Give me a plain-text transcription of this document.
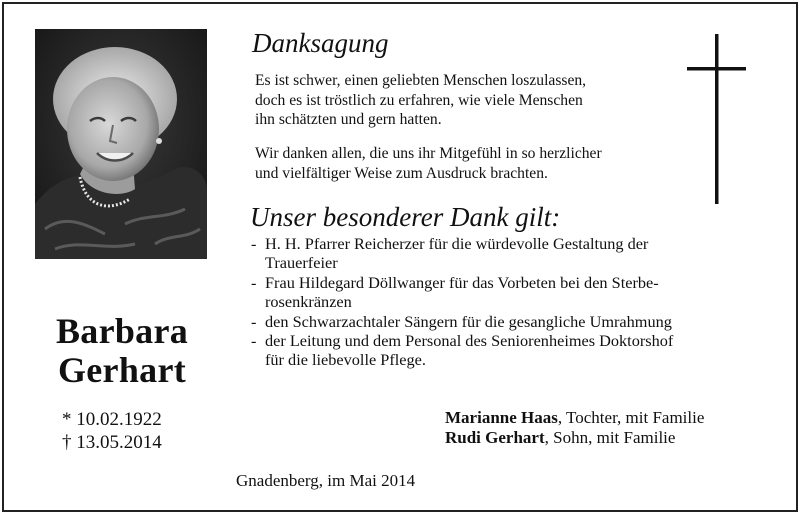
Barbara
Gerhart
* 10.02.1922
† 13.05.2014
Danksagung
Es ist schwer, einen geliebten Menschen loszulassen,
doch es ist tröstlich zu erfahren, wie viele Menschen
ihn schätzten und gern hatten.
Wir danken allen, die uns ihr Mitgefühl in so herzlicher
und vielfältiger Weise zum Ausdruck brachten.
Unser besonderer Dank gilt:
- H. H. Pfarrer Reicherzer für die würdevolle Gestaltung der
Trauerfeier
- Frau Hildegard Döllwanger für das Vorbeten bei den Sterbe-
rosenkränzen
- den Schwarzachtaler Sängern für die gesangliche Umrahmung
- der Leitung und dem Personal des Seniorenheimes Doktorshof
für die liebevolle Pflege.
Marianne Haas, Tochter, mit Familie
Rudi Gerhart, Sohn, mit Familie
Gnadenberg, im Mai 2014
